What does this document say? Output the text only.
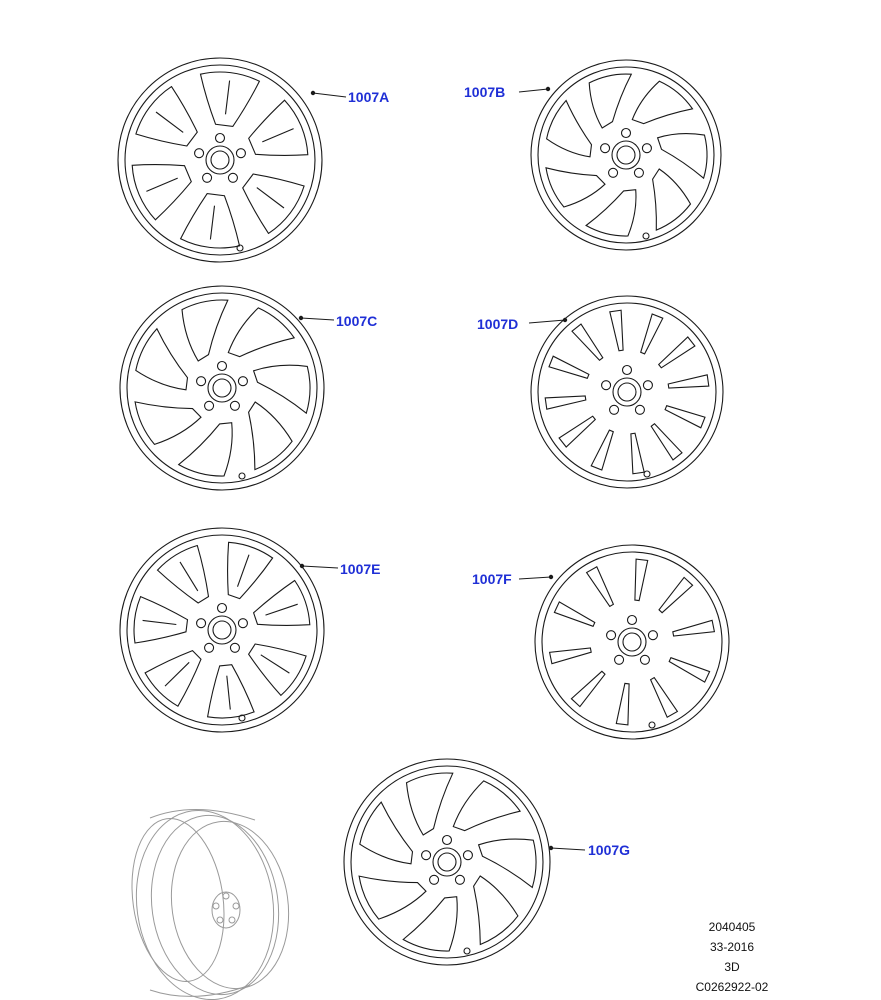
1007A	1007B
1007C	1007D
1007E
1007F
1007G
2040405
33-2016
3D
C0262922-02
